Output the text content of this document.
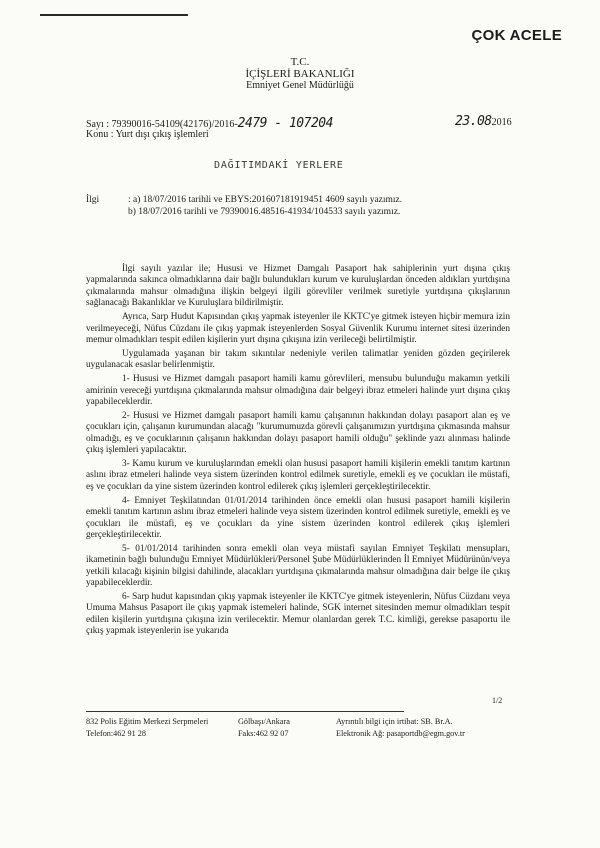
ÇOK ACELE
T.C.
İÇİŞLERİ BAKANLIĞI
Emniyet Genel Müdürlüğü
Sayı : 79390016-54109(42176)/2016-2479 - 107204	23.082016
Konu : Yurt dışı çıkış işlemleri
DAĞITIMDAKİ YERLERE
İlgi	: a) 18/07/2016 tarihli ve EBYS:201607181919451 4609 sayılı yazımız.
b) 18/07/2016 tarihli ve 79390016.48516-41934/104533 sayılı yazımız.

İlgi sayılı yazılar ile; Hususi ve Hizmet Damgalı Pasaport hak sahiplerinin yurt dışına çıkış yapmalarında sakınca olmadıklarına dair bağlı bulundukları kurum ve kuruluşlardan önceden aldıkları yurtdışına çıkmalarında mahsur olmadığına ilişkin belgeyi ilgili görevliler verilmek suretiyle yurtdışına çıkışlarının sağlanacağı Bakanlıklar ve Kuruluşlara bildirilmiştir.

Ayrıca, Sarp Hudut Kapısından çıkış yapmak isteyenler ile KKTC'ye gitmek isteyen hiçbir memura izin verilmeyeceği, Nüfus Cüzdanı ile çıkış yapmak isteyenlerden Sosyal Güvenlik Kurumu internet sitesi üzerinden memur olmadıkları tespit edilen kişilerin yurt dışına çıkışına izin verileceği belirtilmiştir.

Uygulamada yaşanan bir takım sıkıntılar nedeniyle verilen talimatlar yeniden gözden geçirilerek uygulanacak esaslar belirlenmiştir.

1- Hususi ve Hizmet damgalı pasaport hamili kamu görevlileri, mensubu bulunduğu makamın yetkili amirinin vereceği yurtdışına çıkmalarında mahsur olmadığına dair belgeyi ibraz etmeleri halinde yurt dışına çıkış yapabileceklerdir.

2- Hususi ve Hizmet damgalı pasaport hamili kamu çalışanının hakkından dolayı pasaport alan eş ve çocukları için, çalışanın kurumundan alacağı "kurumumuzda görevli çalışanımızın yurtdışına çıkmasında mahsur olmadığı, eş ve çocuklarının çalışanın hakkından dolayı pasaport hamili olduğu" şeklinde yazı alınması halinde çıkış işlemleri yapılacaktır.

3- Kamu kurum ve kuruluşlarından emekli olan hususi pasaport hamili kişilerin emekli tanıtım kartının aslını ibraz etmeleri halinde veya sistem üzerinden kontrol edilmek suretiyle, emekli eş ve çocukları ile müstafi, eş ve çocukları da yine sistem üzerinden kontrol edilerek çıkış işlemleri gerçekleştirilecektir.

4- Emniyet Teşkilatından 01/01/2014 tarihinden önce emekli olan hususi pasaport hamili kişilerin emekli tanıtım kartının aslını ibraz etmeleri halinde veya sistem üzerinden kontrol edilmek suretiyle, emekli eş ve çocukları ile müstafi, eş ve çocukları da yine sistem üzerinden kontrol edilerek çıkış işlemleri gerçekleştirilecektir.

5- 01/01/2014 tarihinden sonra emekli olan veya müstafi sayılan Emniyet Teşkilatı mensupları, ikametinin bağlı bulunduğu Emniyet Müdürlükleri/Personel Şube Müdürlüklerinden İl Emniyet Müdürünün/veya yetkili kılacağı kişinin bilgisi dahilinde, alacakları yurtdışına çıkmalarında mahsur olmadığına dair belge ile çıkış yapabileceklerdir.

6- Sarp hudut kapısından çıkış yapmak isteyenler ile KKTC'ye gitmek isteyenlerin, Nüfus Cüzdanı veya Umuma Mahsus Pasaport ile çıkış yapmak istemeleri halinde, SGK internet sitesinden memur olmadıkları tespit edilen kişilerin yurtdışına çıkışına izin verilecektir. Memur olanlardan gerek T.C. kimliği, gerekse pasaportu ile çıkış yapmak isteyenlerin ise yukarıda

1/2
832 Polis Eğitim Merkezi Serpmeleri
Telefon:462 91 28
Gölbaşı/Ankara
Faks:462 92 07
Ayrıntılı bilgi için irtibat: SB. Br.A.
Elektronik Ağ: pasaportdb@egm.gov.tr
